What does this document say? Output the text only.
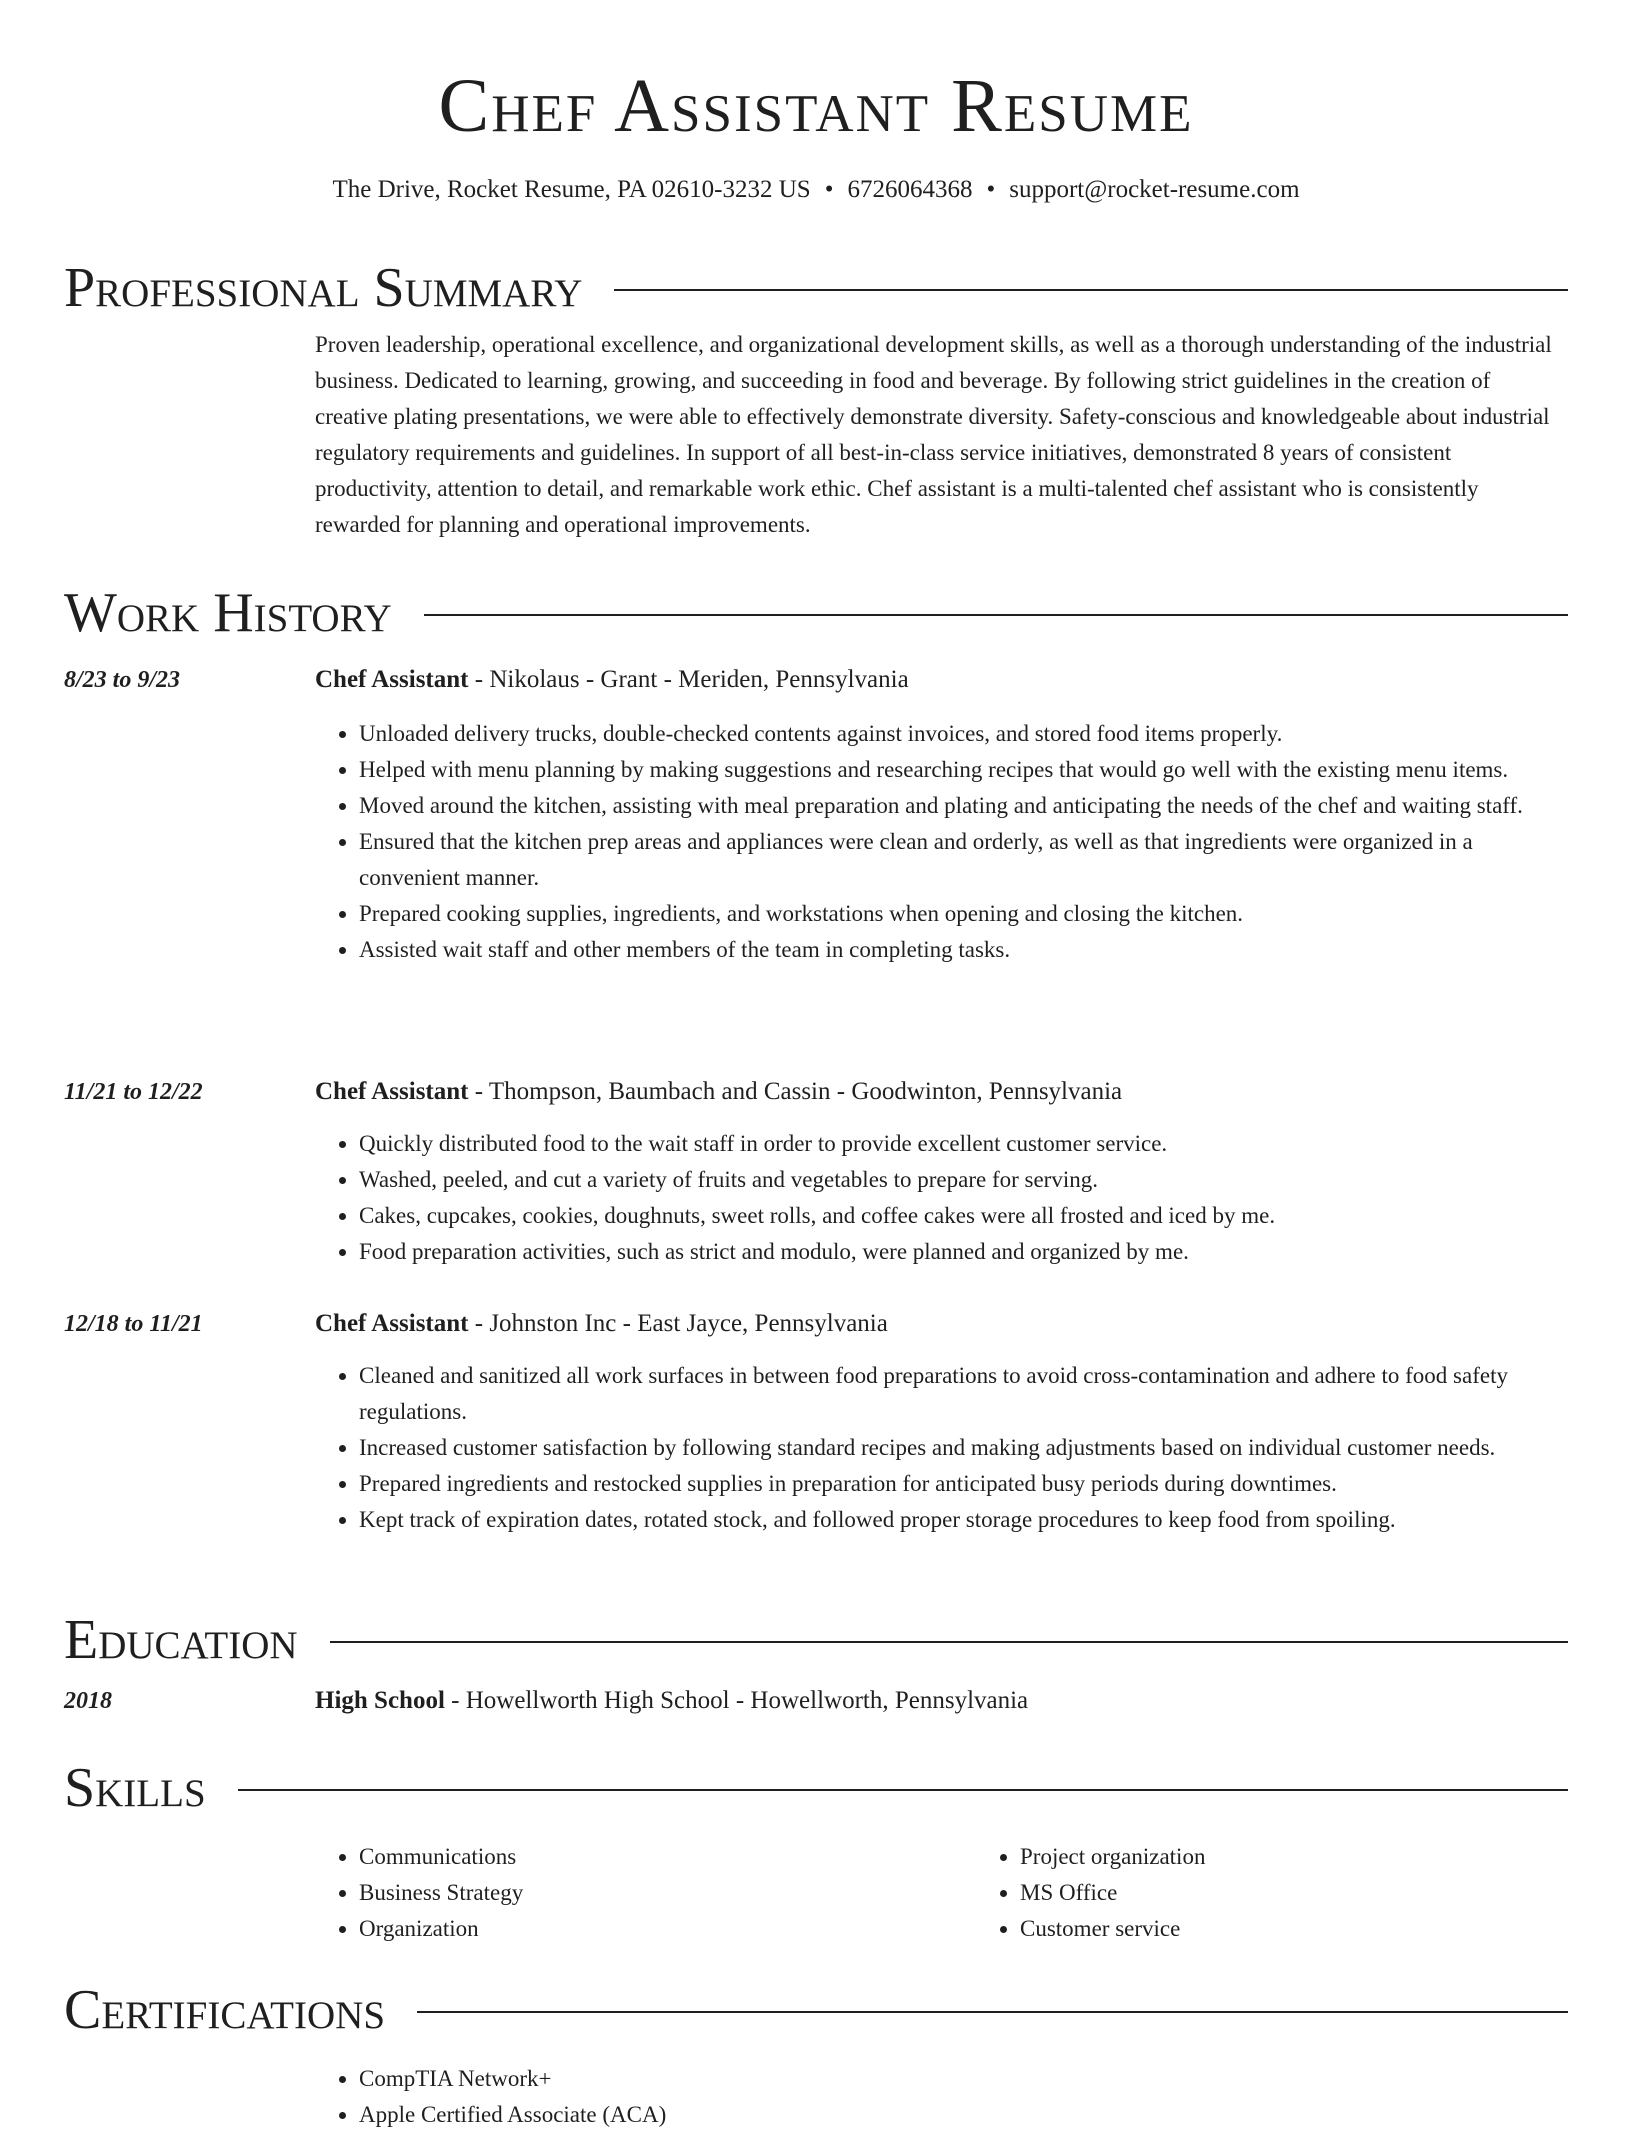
Chef Assistant Resume
The Drive, Rocket Resume, PA 02610-3232 US • 6726064368 • support@rocket-resume.com
Professional Summary
Proven leadership, operational excellence, and organizational development skills, as well as a thorough understanding of the industrial business. Dedicated to learning, growing, and succeeding in food and beverage. By following strict guidelines in the creation of creative plating presentations, we were able to effectively demonstrate diversity. Safety-conscious and knowledgeable about industrial regulatory requirements and guidelines. In support of all best-in-class service initiatives, demonstrated 8 years of consistent productivity, attention to detail, and remarkable work ethic. Chef assistant is a multi-talented chef assistant who is consistently rewarded for planning and operational improvements.
Work History
8/23 to 9/23	Chef Assistant - Nikolaus - Grant - Meriden, Pennsylvania
• Unloaded delivery trucks, double-checked contents against invoices, and stored food items properly.
• Helped with menu planning by making suggestions and researching recipes that would go well with the existing menu items.
• Moved around the kitchen, assisting with meal preparation and plating and anticipating the needs of the chef and waiting staff.
• Ensured that the kitchen prep areas and appliances were clean and orderly, as well as that ingredients were organized in a convenient manner.
• Prepared cooking supplies, ingredients, and workstations when opening and closing the kitchen.
• Assisted wait staff and other members of the team in completing tasks.
11/21 to 12/22	Chef Assistant - Thompson, Baumbach and Cassin - Goodwinton, Pennsylvania
• Quickly distributed food to the wait staff in order to provide excellent customer service.
• Washed, peeled, and cut a variety of fruits and vegetables to prepare for serving.
• Cakes, cupcakes, cookies, doughnuts, sweet rolls, and coffee cakes were all frosted and iced by me.
• Food preparation activities, such as strict and modulo, were planned and organized by me.
12/18 to 11/21	Chef Assistant - Johnston Inc - East Jayce, Pennsylvania
• Cleaned and sanitized all work surfaces in between food preparations to avoid cross-contamination and adhere to food safety regulations.
• Increased customer satisfaction by following standard recipes and making adjustments based on individual customer needs.
• Prepared ingredients and restocked supplies in preparation for anticipated busy periods during downtimes.
• Kept track of expiration dates, rotated stock, and followed proper storage procedures to keep food from spoiling.
Education
2018	High School - Howellworth High School - Howellworth, Pennsylvania
Skills
• Communications
• Business Strategy
• Organization
• Project organization
• MS Office
• Customer service
Certifications
• CompTIA Network+
• Apple Certified Associate (ACA)
